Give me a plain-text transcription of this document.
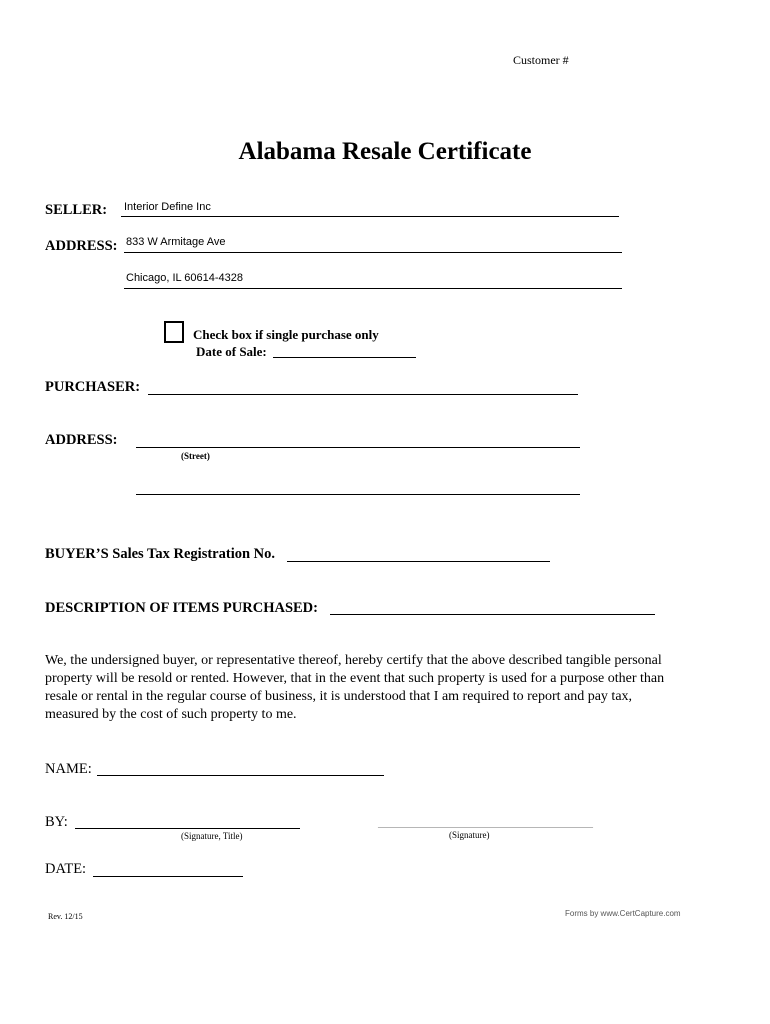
Customer #
Alabama Resale Certificate
SELLER: Interior Define Inc
ADDRESS: 833 W Armitage Ave
Chicago, IL 60614-4328
Check box if single purchase only
Date of Sale:
PURCHASER:
ADDRESS:
(Street)
BUYER’S Sales Tax Registration No.
DESCRIPTION OF ITEMS PURCHASED:
We, the undersigned buyer, or representative thereof, hereby certify that the above described tangible personal property will be resold or rented. However, that in the event that such property is used for a purpose other than resale or rental in the regular course of business, it is understood that I am required to report and pay tax, measured by the cost of such property to me.
NAME:
BY:
(Signature, Title)
___________________________________________
(Signature)
DATE:
Rev. 12/15	Forms by www.CertCapture.com
